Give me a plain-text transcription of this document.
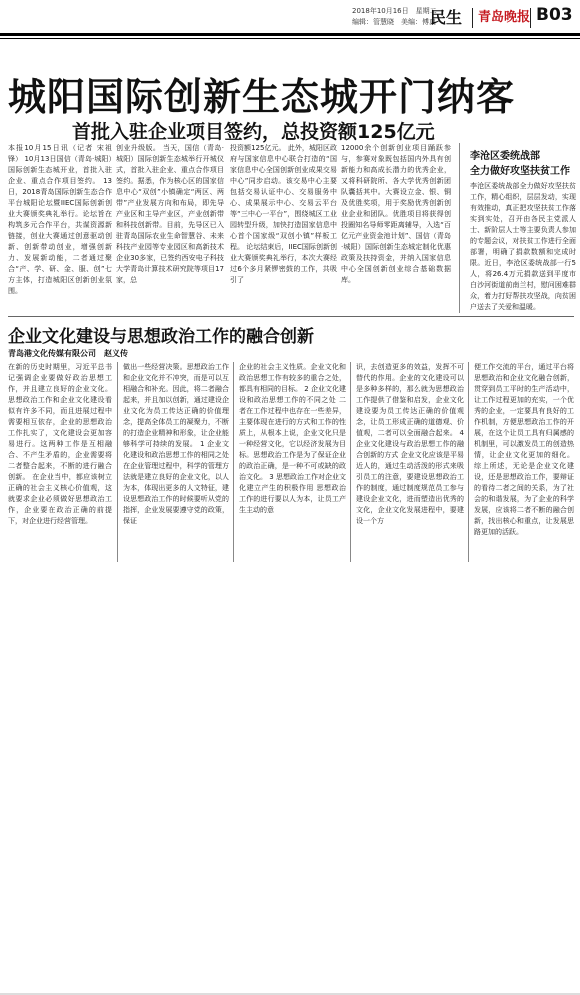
2018年10月16日　星期二
编辑：管慧晓　美编：傅真
民生 青岛晚报 B03
城阳国际创新生态城开门纳客
首批入驻企业项目签约，总投资额125亿元
本报10月15日讯（记者 宋祖锋） 10月13日国信（青岛·城阳）国际创新生态城开业，首批入驻企业、重点合作项目签约。 13日，2018青岛国际创新生态合作平台城阳论坛暨IIEC国际创新创业大赛颁奖典礼举行。论坛旨在构筑多元合作平台，共谋资源新链接，创业大赛通过创意驱动创新、创新带动创业，增强创新力、发展新动能，二者通过聚合“产、学、研、金、服、创”七方主体，打造城阳区创新创业氛围。
创业升级版。 当天，国信（青岛·城阳）国际创新生态城举行开城仪式，首批入驻企业、重点合作项目签约。据悉，作为核心区的国家信息中心“双创”小镇确定“两区、两带”产业发展方向和布局，即先导产业区和主导产业区，产业创新带和科技创新带。目前，先导区已入驻青岛国际农业生命智慧谷、未来科技产业园等专业园区和高新技术企业30多家，已签约西安电子科技大学青岛计算技术研究院等项目17家，总
投资额125亿元。 此外，城阳区政府与国家信息中心联合打造的“国家信息中心全国创新创业成果交易中心”同步启动。该交易中心主要包括交易认证中心、交易服务中心、成果展示中心、交易云平台等“三中心一平台”，围绕城区工业园转型升级，加快打造国家信息中心首个国家级“双创小镇”样板工程。 论坛结束后，IIEC国际创新创业大赛颁奖典礼举行，本次大赛经过6个多月紧锣密鼓的工作，共吸引了
12000余个创新创业项目踊跃参与，参赛对象既包括国内外具有创新能力和高成长潜力的优秀企业，又将科研院所、各大学优秀创新团队囊括其中。大赛设立金、银、铜及优胜奖项，用于奖励优秀创新创业企业和团队。优胜项目将获得创投圈知名导师零距离辅导，入选“百亿元产业资金池计划”、国信（青岛·城阳）国际创新生态城定制化优惠政策及扶持资金，并纳入国家信息中心全国创新创业综合基础数据库。
李沧区委统战部
全力做好攻坚扶贫工作
李沧区委统战部全力做好攻坚扶贫工作，精心组织，层层发动，实现有效推动，真正把攻坚扶贫工作落实到实处，召开由各民主党派人士、新阶层人士等主要负责人参加的专题会议，对扶贫工作进行全面部署，明确了捐款数额和完成时限。近日，李沧区委统战部一行5人，将26.4万元捐款送到平度市白沙河街道前南兰村，慰问困难群众，着力打好帮扶攻坚战，向贫困户送去了关爱和温暖。
企业文化建设与思想政治工作的融合创新
青岛港文化传媒有限公司　赵义传
在新的历史时期里，习近平总书记强调企业要做好政治思想工作，并且建立良好的企业文化。思想政治工作和企业文化建设看似有许多不同，而且进展过程中需要相互依存，企业的思想政治工作扎实了，文化建设会更加容易进行。这两种工作是互相融合、不产生矛盾的，企业需要将二者整合起来，不断的进行融合创新。 在企业当中，都应该树立正确的社会主义核心价值观，这就要求企业必须做好思想政治工作，企业要在政治正确的前提下，对企业进行经营管理。
做出一些经营决策。思想政治工作和企业文化并不冲突，而是可以互相融合和补充。因此，将二者融合起来，并且加以创新，通过建设企业文化为员工传达正确的价值理念，提高全体员工的凝聚力，不断的打造企业精神和形象，让企业能够科学可持续的发展。 1 企业文化建设和政治思想工作的相同之处 在企业管理过程中，科学的管理方法就是建立良好的企业文化，以人为本，体现出更多的人文特征，建设思想政治工作的时候要听从党的指挥，企业发展要遵守党的政策，保证
企业的社会主义性质。企业文化和政治思想工作有较多的重合之处，都具有相同的目标。 2 企业文化建设和政治思想工作的不同之处 二者在工作过程中也存在一些差异，主要体现在进行的方式和工作的性质上，从根本上说，企业文化只是一种经营文化，它以经济发展为目标。思想政治工作是为了保证企业的政治正确，是一种不可或缺的政治文化。 3 思想政治工作对企业文化建立产生的积极作用 思想政治工作的进行要以人为本，让员工产生主动的意
识，去创造更多的效益，发挥不可替代的作用。企业的文化建设可以是多种多样的，那么就为思想政治工作提供了借鉴和启发，企业文化建设要为员工传达正确的价值观念，让员工形成正确的道德观、价值观，二者可以全面融合起来。 4 企业文化建设与政治思想工作的融合创新的方式 企业文化应该是平易近人的，通过生动活泼的形式来吸引员工的注意，要建设思想政治工作的制度，通过制度规范员工参与建设企业文化，进而塑造出优秀的文化，企业文化发展进程中，要建设一个方
便工作交流的平台，通过平台将思想政治和企业文化融合创新，贯穿到员工平时的生产活动中，让工作过程更加的充实，一个优秀的企业，一定要具有良好的工作机制，方便思想政治工作的开展，在这个让员工具有归属感的机制里，可以激发员工的创造热情，让企业文化更加的细化。 综上所述，无论是企业文化建设，还是思想政治工作，要辩证的看待二者之间的关系，为了社会的和谐发展，为了企业的科学发展，应该将二者不断的融合创新，找出核心和重点，让发展思路更加的活跃。
